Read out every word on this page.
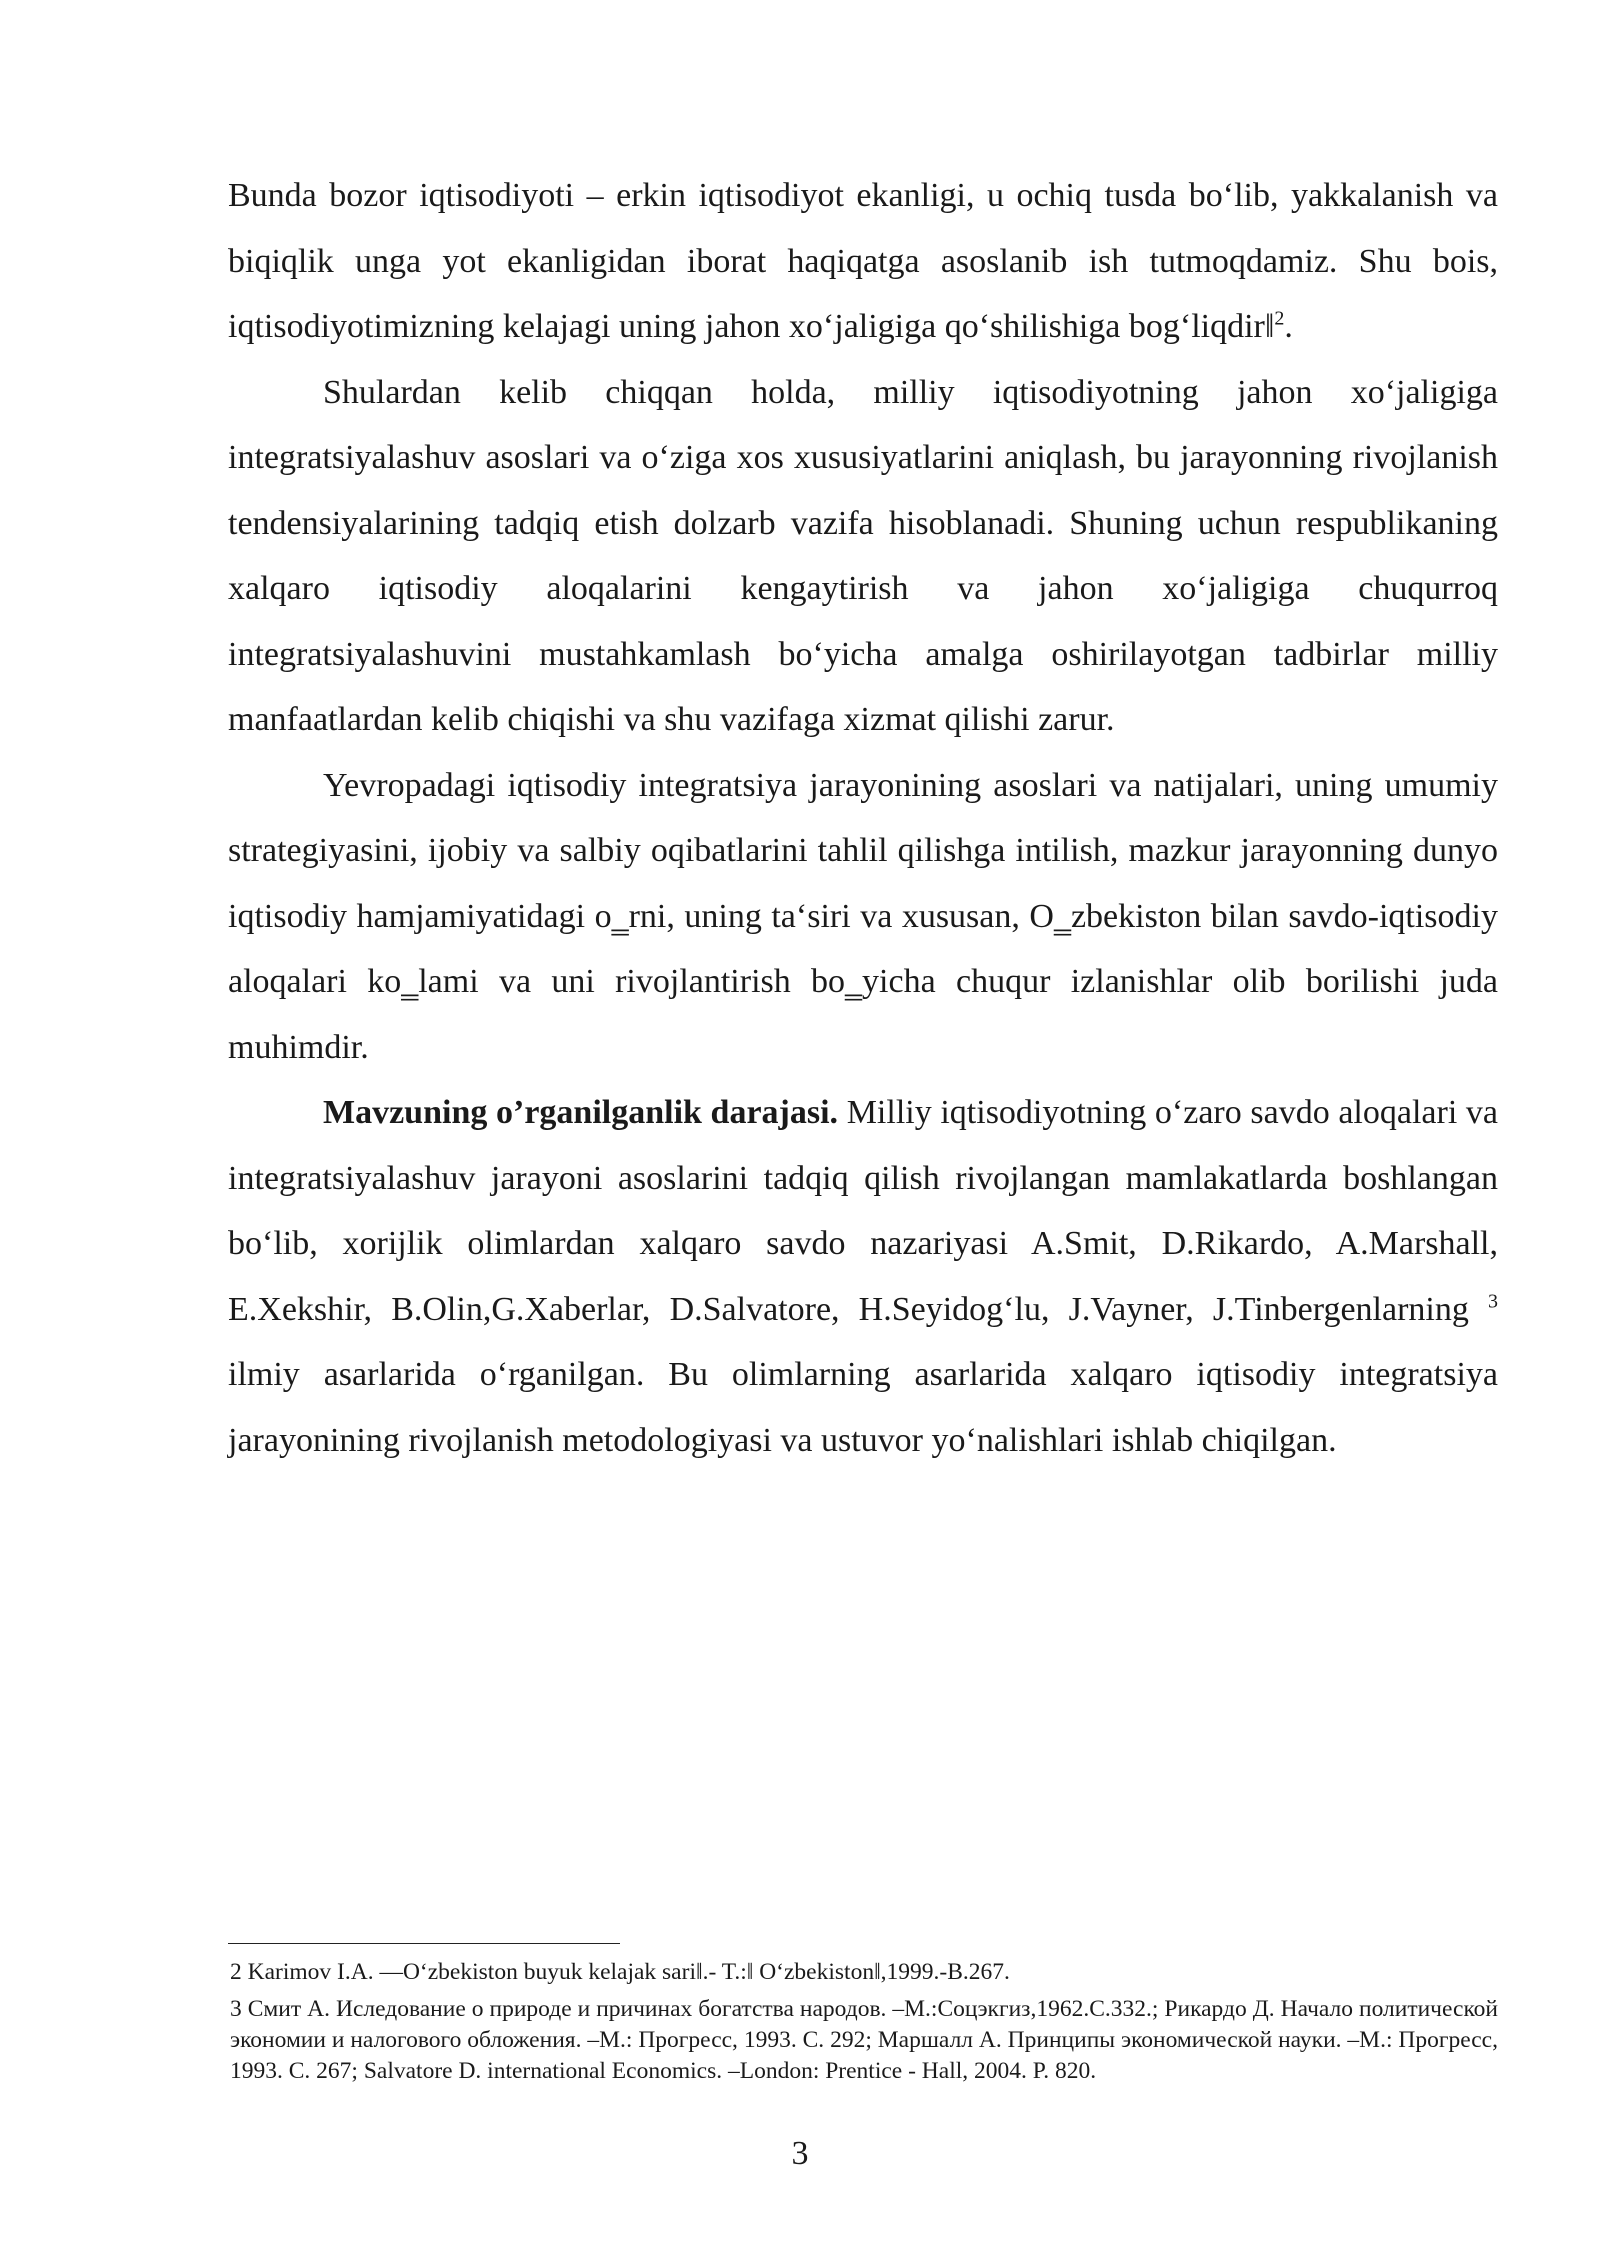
Bunda bozor iqtisodiyoti – erkin iqtisodiyot ekanligi, u ochiq tusda bo‘lib, yakkalanish va biqiqlik unga yot ekanligidan iborat haqiqatga asoslanib ish tutmoqdamiz. Shu bois, iqtisodiyotimizning kelajagi uning jahon xo‘jaligiga qo‘shilishiga bog‘liqdir‖$^2$.

Shulardan kelib chiqqan holda, milliy iqtisodiyotning jahon xo‘jaligiga integratsiyalashuv asoslari va o‘ziga xos xususiyatlarini aniqlash, bu jarayonning rivojlanish tendensiyalarining tadqiq etish dolzarb vazifa hisoblanadi. Shuning uchun respublikaning xalqaro iqtisodiy aloqalarini kengaytirish va jahon xo‘jaligiga chuqurroq integratsiyalashuvini mustahkamlash bo‘yicha amalga oshirilayotgan tadbirlar milliy manfaatlardan kelib chiqishi va shu vazifaga xizmat qilishi zarur.

Yevropadagi iqtisodiy integratsiya jarayonining asoslari va natijalari, uning umumiy strategiyasini, ijobiy va salbiy oqibatlarini tahlil qilishga intilish, mazkur jarayonning dunyo iqtisodiy hamjamiyatidagi o‗rni, uning ta‘siri va xususan, O‗zbekiston bilan savdo-iqtisodiy aloqalari ko‗lami va uni rivojlantirish bo‗yicha chuqur izlanishlar olib borilishi juda muhimdir.

Mavzuning o’rganilganlik darajasi. Milliy iqtisodiyotning o‘zaro savdo aloqalari va integratsiyalashuv jarayoni asoslarini tadqiq qilish rivojlangan mamlakatlarda boshlangan bo‘lib, xorijlik olimlardan xalqaro savdo nazariyasi A.Smit, D.Rikardo, A.Marshall, E.Xekshir, B.Olin,G.Xaberlar, D.Salvatore, H.Seyidog‘lu, J.Vayner, J.Tinbergenlarning $^3$ ilmiy asarlarida o‘rganilgan. Bu olimlarning asarlarida xalqaro iqtisodiy integratsiya jarayonining rivojlanish metodologiyasi va ustuvor yo‘nalishlari ishlab chiqilgan.

2 Karimov I.A. ―O‘zbekiston buyuk kelajak sari‖.- T.:‖ O‘zbekiston‖,1999.-B.267.

3 Смит А. Иследование о природе и причинах богатства народов. –М.:Соцэкгиз,1962.С.332.; Рикардо Д. Начало политической экономии и налогового обложения. –М.: Прогресс, 1993. С. 292; Маршалл А. Принципы экономической науки. –М.: Прогресс, 1993. С. 267; Salvatore D. international Economics. –London: Prentice - Hall, 2004. P. 820.

3
